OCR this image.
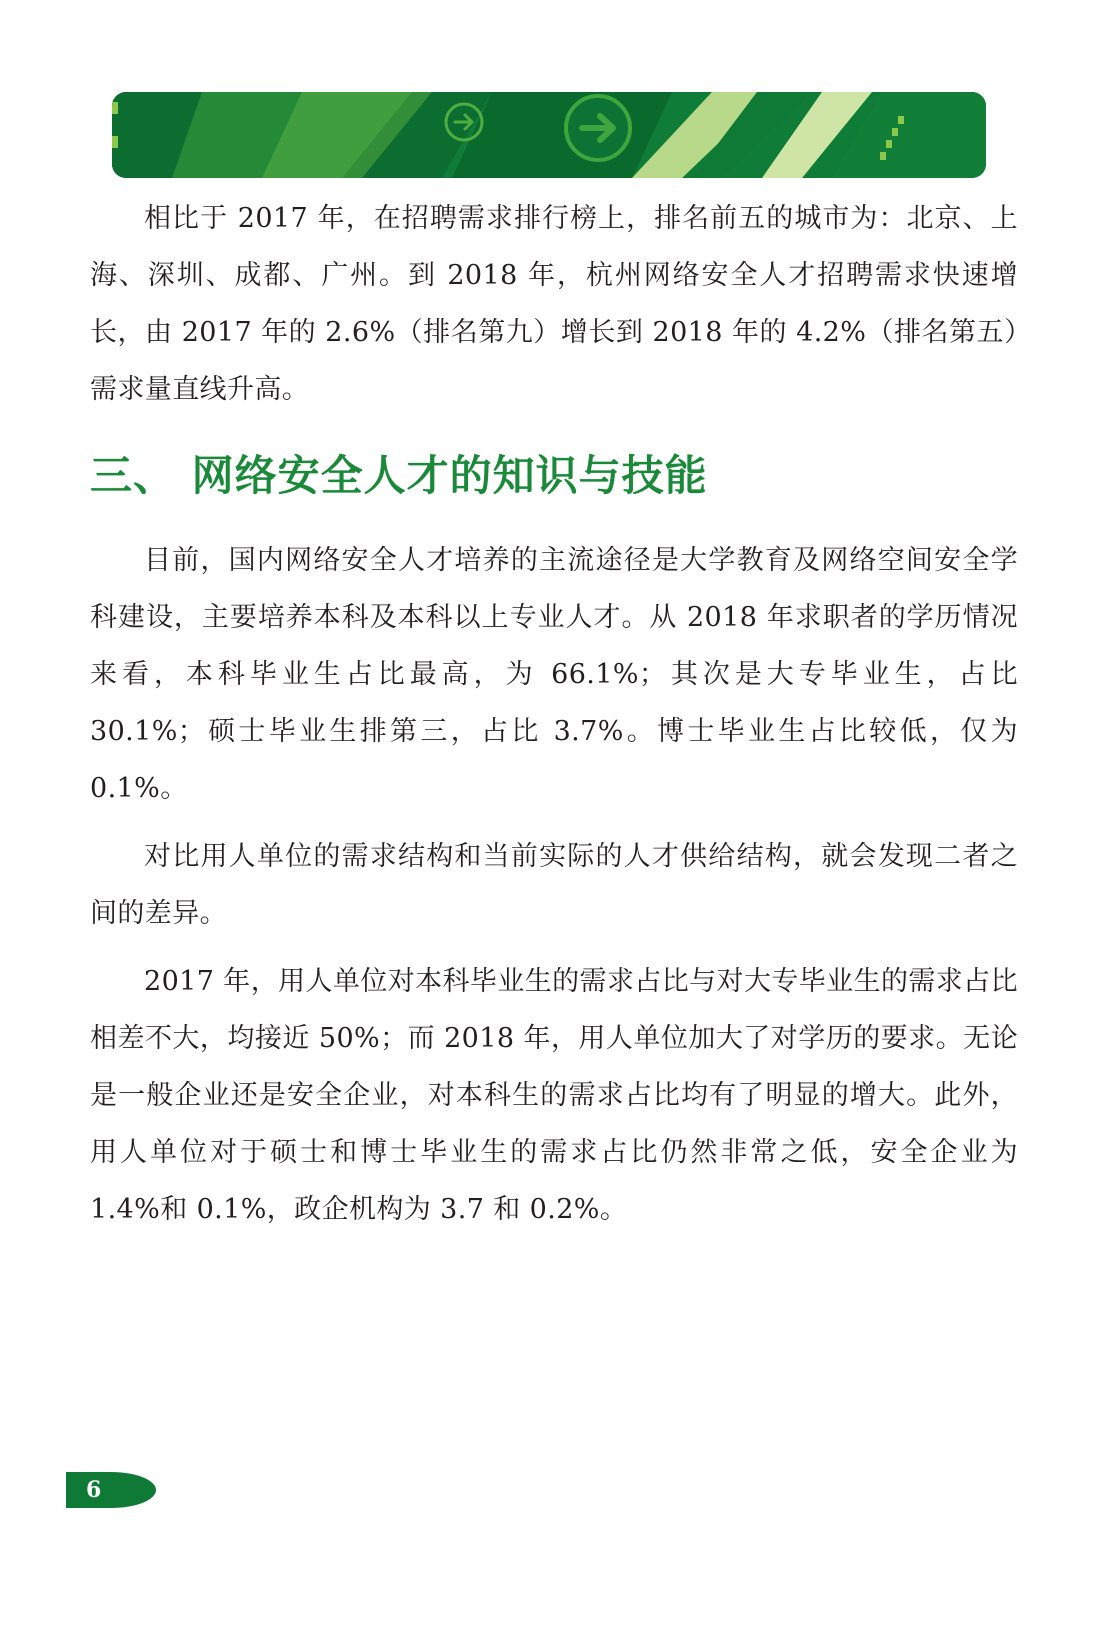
相比于 2017 年，在招聘需求排行榜上，排名前五的城市为：北京、上海、深圳、成都、广州。到 2018 年，杭州网络安全人才招聘需求快速增长，由 2017 年的 2.6%（排名第九）增长到 2018 年的 4.2%（排名第五）需求量直线升高。

三、 网络安全人才的知识与技能

目前，国内网络安全人才培养的主流途径是大学教育及网络空间安全学科建设，主要培养本科及本科以上专业人才。从 2018 年求职者的学历情况来看，本科毕业生占比最高，为 66.1%；其次是大专毕业生，占比 30.1%；硕士毕业生排第三，占比 3.7%。博士毕业生占比较低，仅为 0.1%。

对比用人单位的需求结构和当前实际的人才供给结构，就会发现二者之间的差异。

2017 年，用人单位对本科毕业生的需求占比与对大专毕业生的需求占比相差不大，均接近 50%；而 2018 年，用人单位加大了对学历的要求。无论是一般企业还是安全企业，对本科生的需求占比均有了明显的增大。此外，用人单位对于硕士和博士毕业生的需求占比仍然非常之低，安全企业为 1.4%和 0.1%，政企机构为 3.7 和 0.2%。

6
